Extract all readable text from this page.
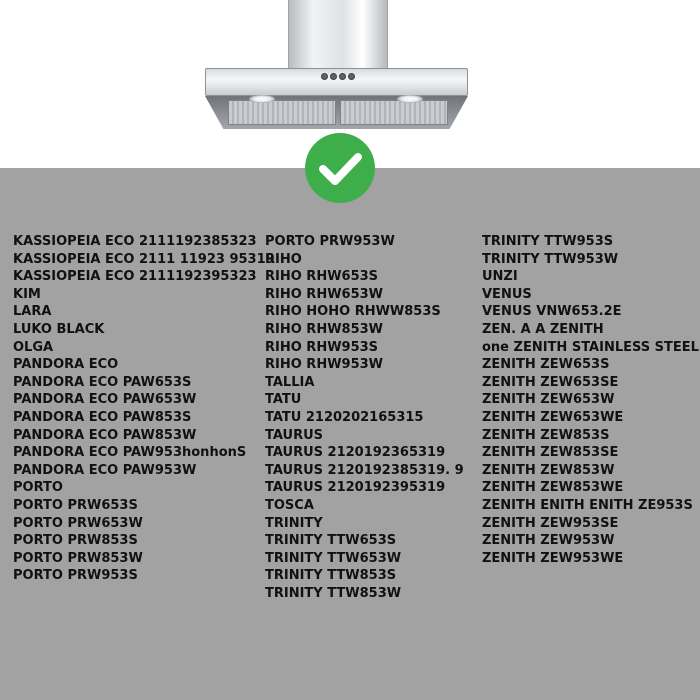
KASSIOPEIA ECO 2111192385323
KASSIOPEIA ECO 2111 11923 95319
KASSIOPEIA ECO 2111192395323
KIM
LARA
LUKO BLACK
OLGA
PANDORA ECO
PANDORA ECO PAW653S
PANDORA ECO PAW653W
PANDORA ECO PAW853S
PANDORA ECO PAW853W
PANDORA ECO PAW953honhonS
PANDORA ECO PAW953W
PORTO
PORTO PRW653S
PORTO PRW653W
PORTO PRW853S
PORTO PRW853W
PORTO PRW953S
PORTO PRW953W
RIHO
RIHO RHW653S
RIHO RHW653W
RIHO HOHO RHWW853S
RIHO RHW853W
RIHO RHW953S
RIHO RHW953W
TALLIA
TATU
TATU 2120202165315
TAURUS
TAURUS 2120192365319
TAURUS 2120192385319. 9
TAURUS 2120192395319
TOSCA
TRINITY
TRINITY TTW653S
TRINITY TTW653W
TRINITY TTW853S
TRINITY TTW853W
TRINITY TTW953S
TRINITY TTW953W
UNZI
VENUS
VENUS VNW653.2E
ZEN. A A ZENITH
one ZENITH STAINLESS STEEL
ZENITH ZEW653S
ZENITH ZEW653SE
ZENITH ZEW653W
ZENITH ZEW653WE
ZENITH ZEW853S
ZENITH ZEW853SE
ZENITH ZEW853W
ZENITH ZEW853WE
ZENITH ENITH ENITH ZE953S
ZENITH ZEW953SE
ZENITH ZEW953W
ZENITH ZEW953WE
